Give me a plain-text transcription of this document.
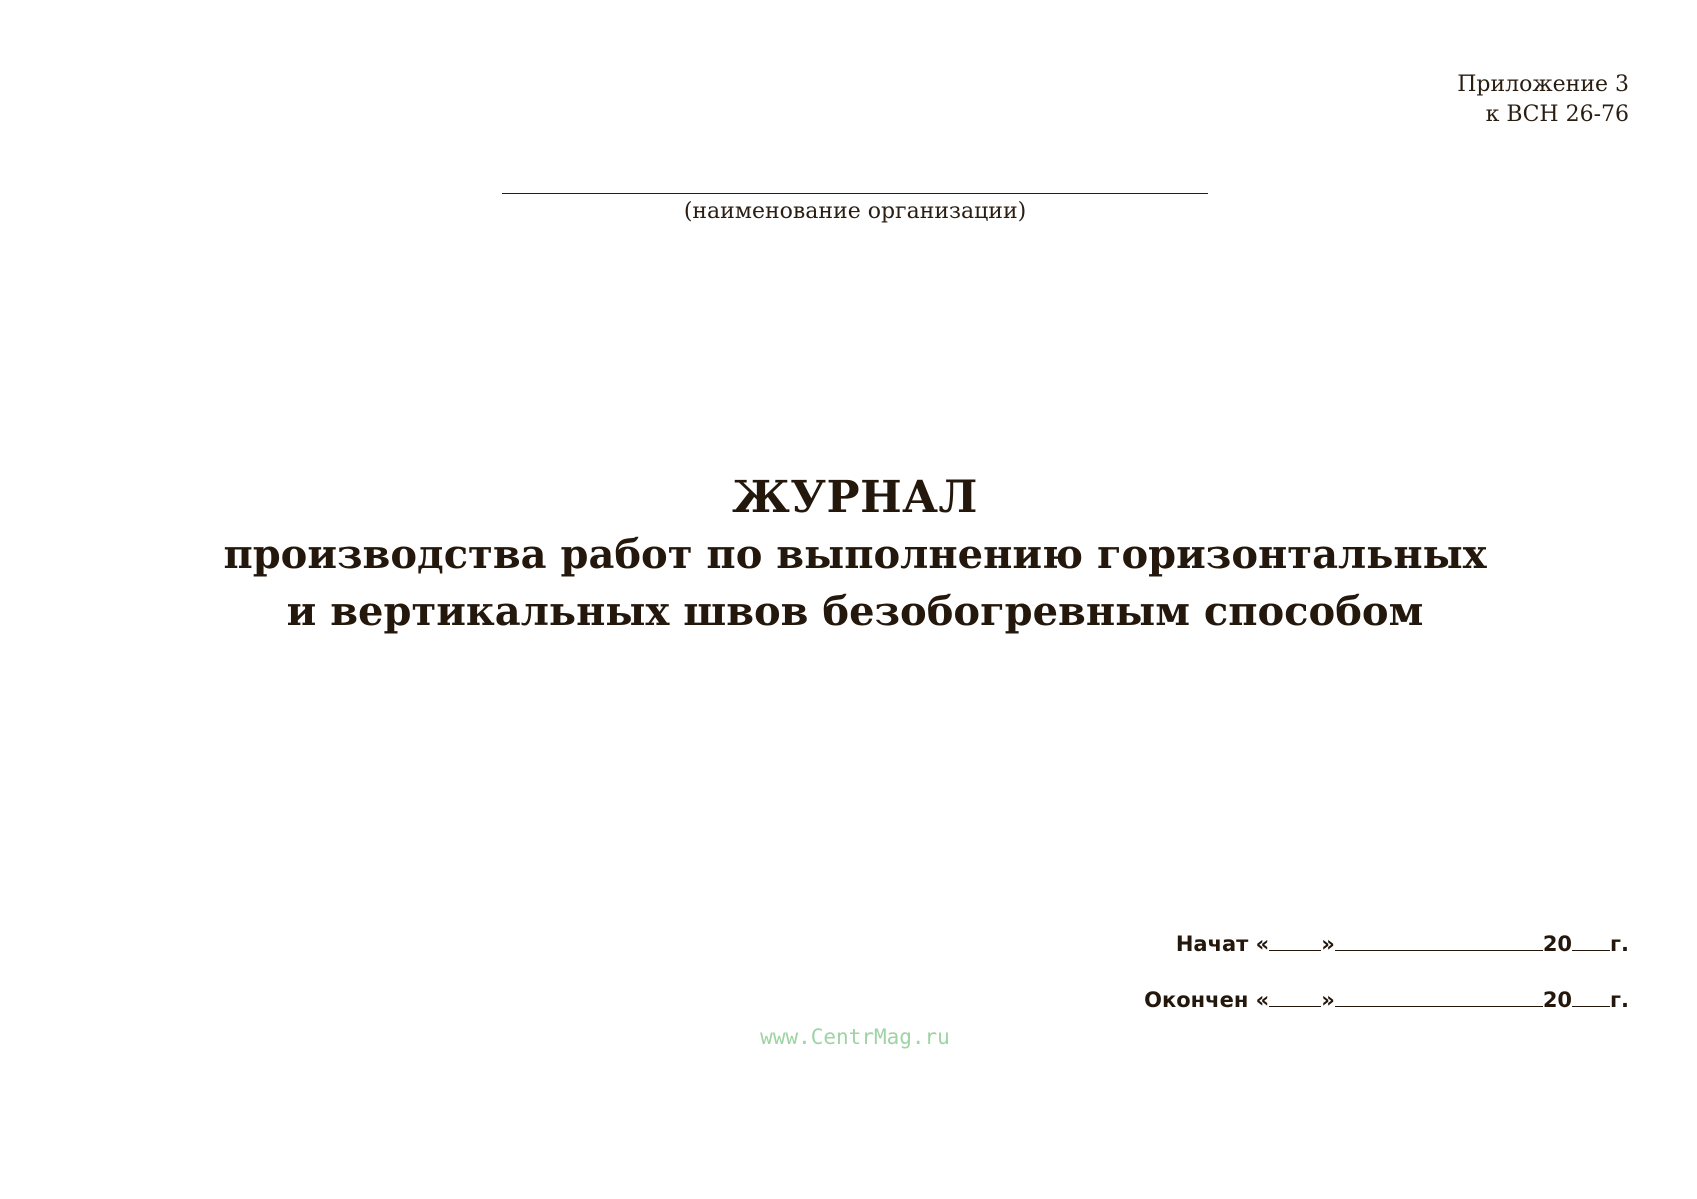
Приложение 3
к ВСН 26-76
(наименование организации)
ЖУРНАЛ
производства работ по выполнению горизонтальных
и вертикальных швов безобогревным способом
Начат « »	20 г.
Окончен « »	20 г.
www.CentrMag.ru
